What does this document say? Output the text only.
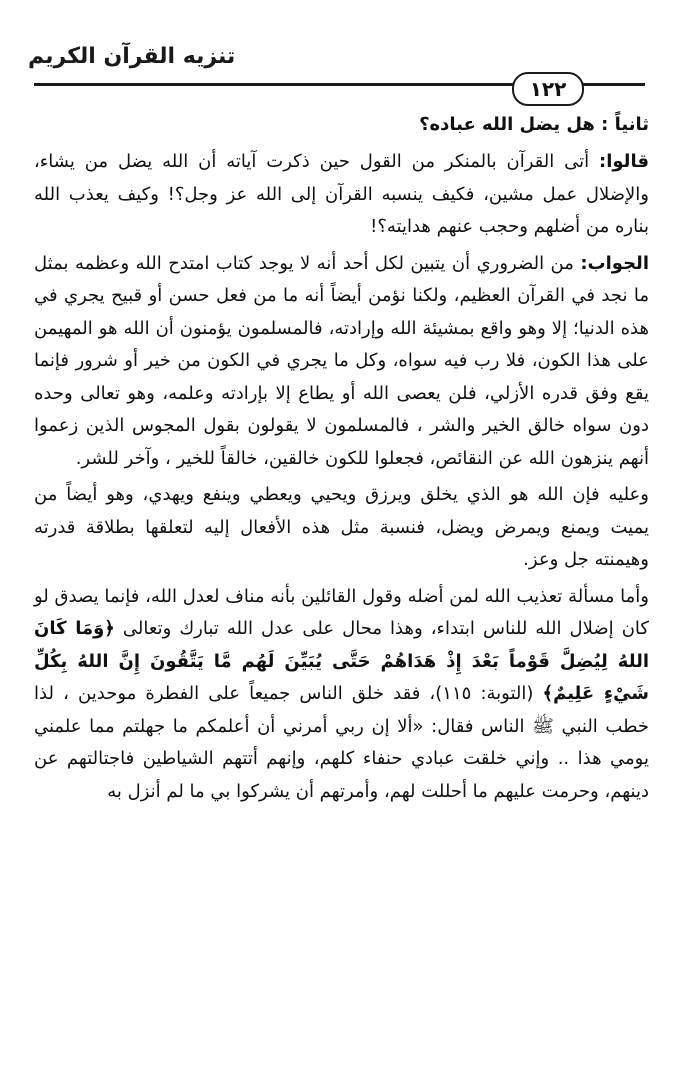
تنزيه القرآن الكريم
١٢٢
ثانياً : هل يضل الله عباده؟

قالوا: أتى القرآن بالمنكر من القول حين ذكرت آياته أن الله يضل من يشاء، والإضلال عمل مشين، فكيف ينسبه القرآن إلى الله عز وجل؟! وكيف يعذب الله بناره من أضلهم وحجب عنهم هدايته؟!

الجواب: من الضروري أن يتبين لكل أحد أنه لا يوجد كتاب امتدح الله وعظمه بمثل ما نجد في القرآن العظيم، ولكنا نؤمن أيضاً أنه ما من فعل حسن أو قبيح يجري في هذه الدنيا؛ إلا وهو واقع بمشيئة الله وإرادته، فالمسلمون يؤمنون أن الله هو المهيمن على هذا الكون، فلا رب فيه سواه، وكل ما يجري في الكون من خير أو شرور فإنما يقع وفق قدره الأزلي، فلن يعصى الله أو يطاع إلا بإرادته وعلمه، وهو تعالى وحده دون سواه خالق الخير والشر ، فالمسلمون لا يقولون بقول المجوس الذين زعموا أنهم ينزهون الله عن النقائص، فجعلوا للكون خالقين، خالقاً للخير ، وآخر للشر.

وعليه فإن الله هو الذي يخلق ويرزق ويحيي ويعطي وينفع ويهدي، وهو أيضاً من يميت ويمنع ويمرض ويضل، فنسبة مثل هذه الأفعال إليه لتعلقها بطلاقة قدرته وهيمنته جل وعز.

وأما مسألة تعذيب الله لمن أضله وقول القائلين بأنه مناف لعدل الله، فإنما يصدق لو كان إضلال الله للناس ابتداء، وهذا محال على عدل الله تبارك وتعالى ﴿وَمَا كَانَ اللهُ لِيُضِلَّ قَوْماً بَعْدَ إِذْ هَدَاهُمْ حَتَّى يُبَيِّنَ لَهُم مَّا يَتَّقُونَ إِنَّ اللهُ بِكُلِّ شَيْءٍ عَلِيمٌ﴾ (التوبة: ١١٥)، فقد خلق الناس جميعاً على الفطرة موحدين ، لذا خطب النبي ﷺ الناس فقال: «ألا إن ربي أمرني أن أعلمكم ما جهلتم مما علمني يومي هذا .. وإني خلقت عبادي حنفاء كلهم، وإنهم أتتهم الشياطين فاجتالتهم عن دينهم، وحرمت عليهم ما أحللت لهم، وأمرتهم أن يشركوا بي ما لم أنزل به
